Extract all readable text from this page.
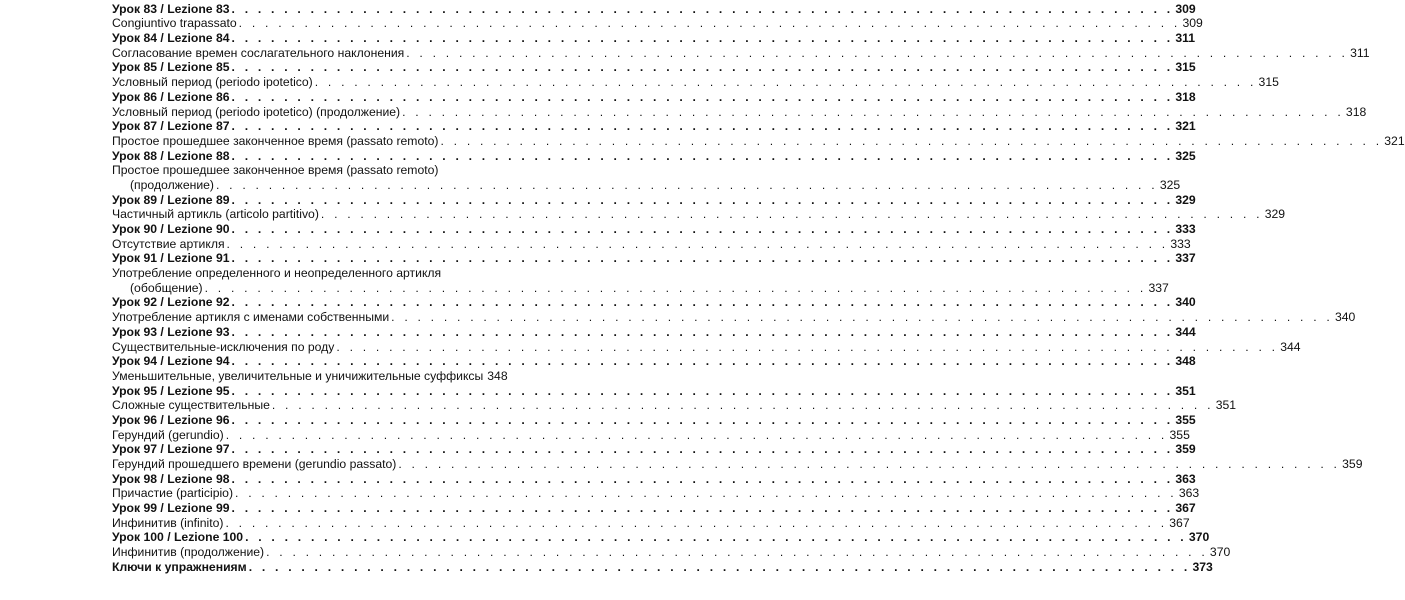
Урок 83 / Lezione 83 . . . . . . . . . . . . . . . . . . . . . . . . . . . . . . . . . . . . . . . . . . . . . . . . . . . . . . . . . . . . . . . . . . . . . . . . 309
Congiuntivo trapassato . . . . . . . . . . . . . . . . . . . . . . . . . . . . . . . . . . . . . . . . . . . . . . . . . . . . . . . . . . . . . . . . . . . . . . . . 309
Урок 84 / Lezione 84 . . . . . . . . . . . . . . . . . . . . . . . . . . . . . . . . . . . . . . . . . . . . . . . . . . . . . . . . . . . . . . . . . . . . . . . . 311
Согласование времен сослагательного наклонения . . . . . . . . . . . . . . . . . . . . . . . . . . . . . . . . . . . . . . . . . . . . . . . . . . . . . . . . . . . . . . . . . . . . . . . . 311
Урок 85 / Lezione 85 . . . . . . . . . . . . . . . . . . . . . . . . . . . . . . . . . . . . . . . . . . . . . . . . . . . . . . . . . . . . . . . . . . . . . . . . 315
Условный период (periodo ipotetico) . . . . . . . . . . . . . . . . . . . . . . . . . . . . . . . . . . . . . . . . . . . . . . . . . . . . . . . . . . . . . . . . . . . . . . . . 315
Урок 86 / Lezione 86 . . . . . . . . . . . . . . . . . . . . . . . . . . . . . . . . . . . . . . . . . . . . . . . . . . . . . . . . . . . . . . . . . . . . . . . . 318
Условный период (periodo ipotetico) (продолжение) . . . . . . . . . . . . . . . . . . . . . . . . . . . . . . . . . . . . . . . . . . . . . . . . . . . . . . . . . . . . . . . . . . . . . . . . 318
Урок 87 / Lezione 87 . . . . . . . . . . . . . . . . . . . . . . . . . . . . . . . . . . . . . . . . . . . . . . . . . . . . . . . . . . . . . . . . . . . . . . . . 321
Простое прошедшее законченное время (passato remoto) . . . . . . . . . . . . . . . . . . . . . . . . . . . . . . . . . . . . . . . . . . . . . . . . . . . . . . . . . . . . . . . . . . . . . . . . 321
Урок 88 / Lezione 88 . . . . . . . . . . . . . . . . . . . . . . . . . . . . . . . . . . . . . . . . . . . . . . . . . . . . . . . . . . . . . . . . . . . . . . . . 325
Простое прошедшее законченное время (passato remoto)
(продолжение) . . . . . . . . . . . . . . . . . . . . . . . . . . . . . . . . . . . . . . . . . . . . . . . . . . . . . . . . . . . . . . . . . . . . . . . . 325
Урок 89 / Lezione 89 . . . . . . . . . . . . . . . . . . . . . . . . . . . . . . . . . . . . . . . . . . . . . . . . . . . . . . . . . . . . . . . . . . . . . . . . 329
Частичный артикль (articolo partitivo) . . . . . . . . . . . . . . . . . . . . . . . . . . . . . . . . . . . . . . . . . . . . . . . . . . . . . . . . . . . . . . . . . . . . . . . . 329
Урок 90 / Lezione 90 . . . . . . . . . . . . . . . . . . . . . . . . . . . . . . . . . . . . . . . . . . . . . . . . . . . . . . . . . . . . . . . . . . . . . . . . 333
Отсутствие артикля . . . . . . . . . . . . . . . . . . . . . . . . . . . . . . . . . . . . . . . . . . . . . . . . . . . . . . . . . . . . . . . . . . . . . . . . 333
Урок 91 / Lezione 91 . . . . . . . . . . . . . . . . . . . . . . . . . . . . . . . . . . . . . . . . . . . . . . . . . . . . . . . . . . . . . . . . . . . . . . . . 337
Употребление определенного и неопределенного артикля
(обобщение) . . . . . . . . . . . . . . . . . . . . . . . . . . . . . . . . . . . . . . . . . . . . . . . . . . . . . . . . . . . . . . . . . . . . . . . . 337
Урок 92 / Lezione 92 . . . . . . . . . . . . . . . . . . . . . . . . . . . . . . . . . . . . . . . . . . . . . . . . . . . . . . . . . . . . . . . . . . . . . . . . 340
Употребление артикля с именами собственными . . . . . . . . . . . . . . . . . . . . . . . . . . . . . . . . . . . . . . . . . . . . . . . . . . . . . . . . . . . . . . . . . . . . . . . . 340
Урок 93 / Lezione 93 . . . . . . . . . . . . . . . . . . . . . . . . . . . . . . . . . . . . . . . . . . . . . . . . . . . . . . . . . . . . . . . . . . . . . . . . 344
Существительные-исключения по роду . . . . . . . . . . . . . . . . . . . . . . . . . . . . . . . . . . . . . . . . . . . . . . . . . . . . . . . . . . . . . . . . . . . . . . . . 344
Урок 94 / Lezione 94 . . . . . . . . . . . . . . . . . . . . . . . . . . . . . . . . . . . . . . . . . . . . . . . . . . . . . . . . . . . . . . . . . . . . . . . . 348
Уменьшительные, увеличительные и уничижительные суффиксы 348
Урок 95 / Lezione 95 . . . . . . . . . . . . . . . . . . . . . . . . . . . . . . . . . . . . . . . . . . . . . . . . . . . . . . . . . . . . . . . . . . . . . . . . 351
Сложные существительные . . . . . . . . . . . . . . . . . . . . . . . . . . . . . . . . . . . . . . . . . . . . . . . . . . . . . . . . . . . . . . . . . . . . . . . . 351
Урок 96 / Lezione 96 . . . . . . . . . . . . . . . . . . . . . . . . . . . . . . . . . . . . . . . . . . . . . . . . . . . . . . . . . . . . . . . . . . . . . . . . 355
Герундий (gerundio) . . . . . . . . . . . . . . . . . . . . . . . . . . . . . . . . . . . . . . . . . . . . . . . . . . . . . . . . . . . . . . . . . . . . . . . . 355
Урок 97 / Lezione 97 . . . . . . . . . . . . . . . . . . . . . . . . . . . . . . . . . . . . . . . . . . . . . . . . . . . . . . . . . . . . . . . . . . . . . . . . 359
Герундий прошедшего времени (gerundio passato) . . . . . . . . . . . . . . . . . . . . . . . . . . . . . . . . . . . . . . . . . . . . . . . . . . . . . . . . . . . . . . . . . . . . . . . . 359
Урок 98 / Lezione 98 . . . . . . . . . . . . . . . . . . . . . . . . . . . . . . . . . . . . . . . . . . . . . . . . . . . . . . . . . . . . . . . . . . . . . . . . 363
Причастие (participio) . . . . . . . . . . . . . . . . . . . . . . . . . . . . . . . . . . . . . . . . . . . . . . . . . . . . . . . . . . . . . . . . . . . . . . . . 363
Урок 99 / Lezione 99 . . . . . . . . . . . . . . . . . . . . . . . . . . . . . . . . . . . . . . . . . . . . . . . . . . . . . . . . . . . . . . . . . . . . . . . . 367
Инфинитив (infinito) . . . . . . . . . . . . . . . . . . . . . . . . . . . . . . . . . . . . . . . . . . . . . . . . . . . . . . . . . . . . . . . . . . . . . . . . 367
Урок 100 / Lezione 100 . . . . . . . . . . . . . . . . . . . . . . . . . . . . . . . . . . . . . . . . . . . . . . . . . . . . . . . . . . . . . . . . . . . . . . . . 370
Инфинитив (продолжение) . . . . . . . . . . . . . . . . . . . . . . . . . . . . . . . . . . . . . . . . . . . . . . . . . . . . . . . . . . . . . . . . . . . . . . . . 370
Ключи к упражнениям . . . . . . . . . . . . . . . . . . . . . . . . . . . . . . . . . . . . . . . . . . . . . . . . . . . . . . . . . . . . . . . . . . . . . . . . 373
